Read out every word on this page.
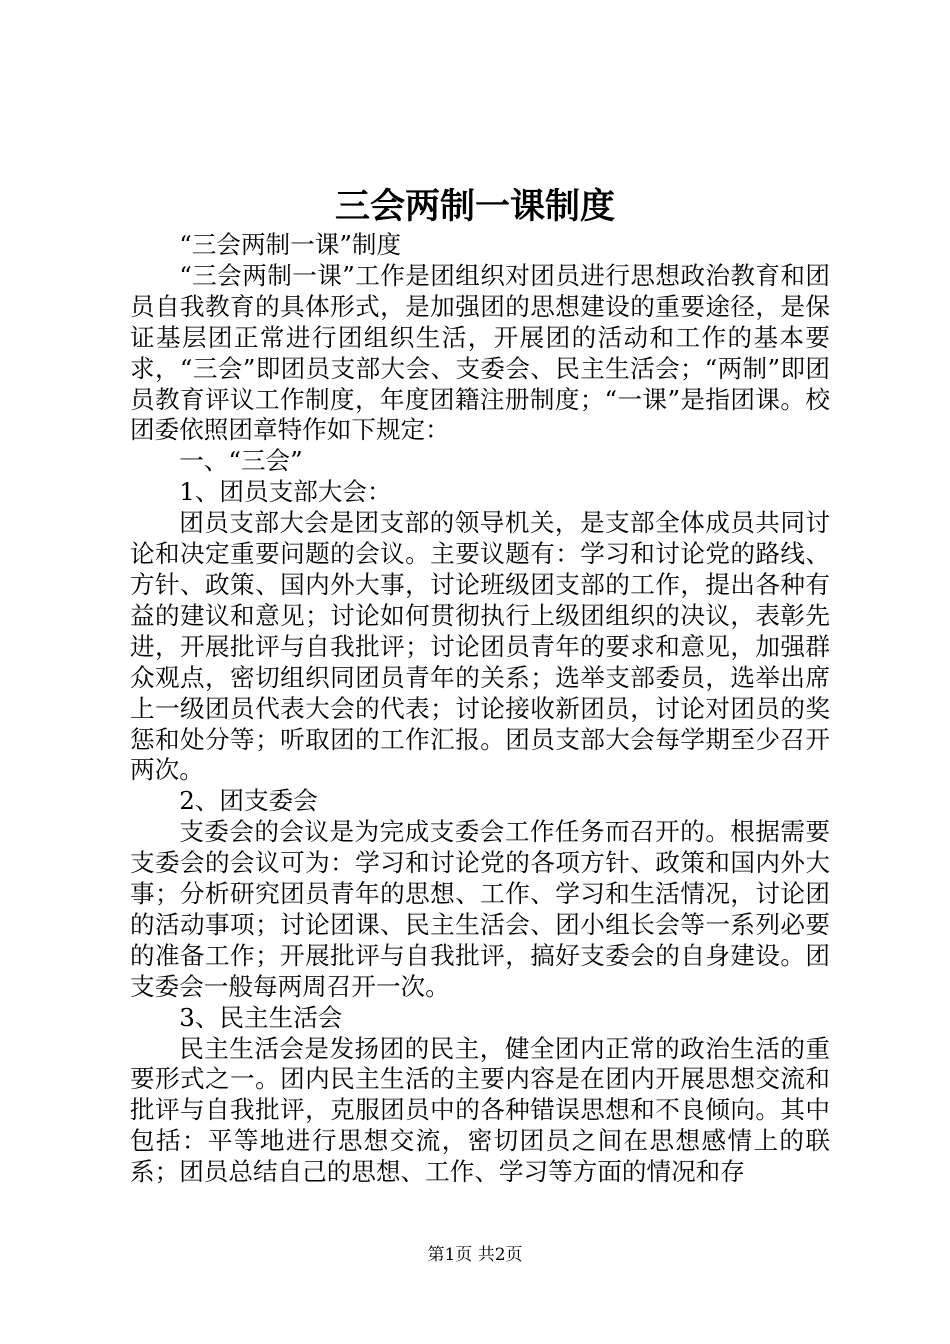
三会两制一课制度

“三会两制一课”制度

“三会两制一课”工作是团组织对团员进行思想政治教育和团员自我教育的具体形式，是加强团的思想建设的重要途径，是保证基层团正常进行团组织生活，开展团的活动和工作的基本要求，“三会”即团员支部大会、支委会、民主生活会；“两制”即团员教育评议工作制度，年度团籍注册制度；“一课”是指团课。校团委依照团章特作如下规定：

一、“三会”

1、团员支部大会：

团员支部大会是团支部的领导机关，是支部全体成员共同讨论和决定重要问题的会议。主要议题有：学习和讨论党的路线、方针、政策、国内外大事，讨论班级团支部的工作，提出各种有益的建议和意见；讨论如何贯彻执行上级团组织的决议，表彰先进，开展批评与自我批评；讨论团员青年的要求和意见，加强群众观点，密切组织同团员青年的关系；选举支部委员，选举出席上一级团员代表大会的代表；讨论接收新团员，讨论对团员的奖惩和处分等；听取团的工作汇报。团员支部大会每学期至少召开两次。

2、团支委会

支委会的会议是为完成支委会工作任务而召开的。根据需要支委会的会议可为：学习和讨论党的各项方针、政策和国内外大事；分析研究团员青年的思想、工作、学习和生活情况，讨论团的活动事项；讨论团课、民主生活会、团小组长会等一系列必要的准备工作；开展批评与自我批评，搞好支委会的自身建设。团支委会一般每两周召开一次。

3、民主生活会

民主生活会是发扬团的民主，健全团内正常的政治生活的重要形式之一。团内民主生活的主要内容是在团内开展思想交流和批评与自我批评，克服团员中的各种错误思想和不良倾向。其中包括：平等地进行思想交流，密切团员之间在思想感情上的联系；团员总结自己的思想、工作、学习等方面的情况和存

第1页 共2页
